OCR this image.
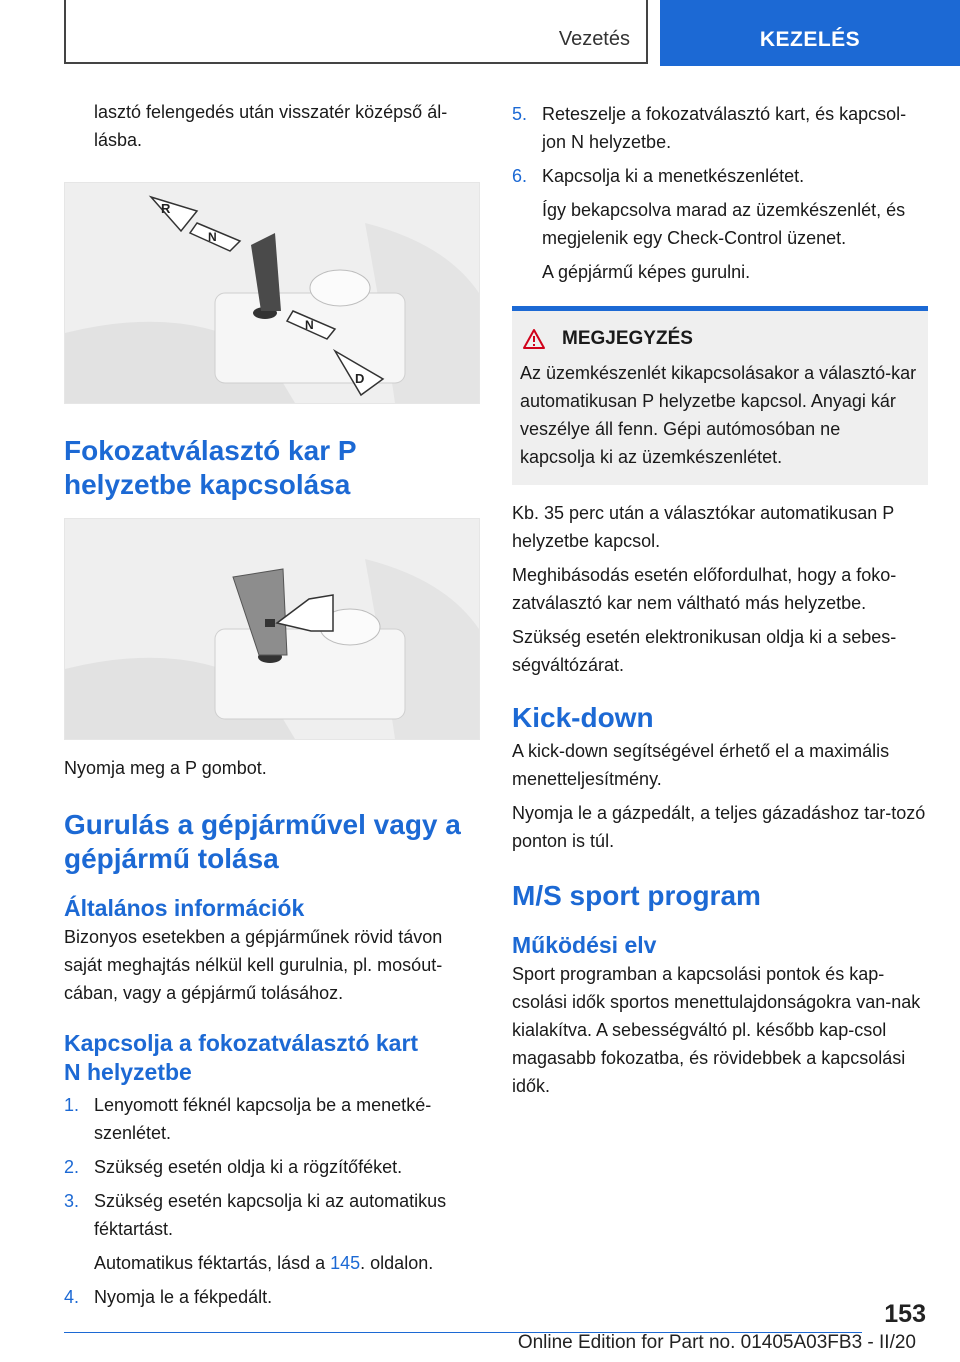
Vezetés	KEZELÉS

lasztó felengedés után visszatér középső ál-lásba.

R
N
N
D
Fokozatválasztó kar P helyzetbe kapcsolása

Nyomja meg a P gombot.

Gurulás a gépjárművel vagy a gépjármű tolása
Általános információk

Bizonyos esetekben a gépjárműnek rövid távon saját meghajtás nélkül kell gurulnia, pl. mosóut-cában, vagy a gépjármű tolásához.

Kapcsolja a fokozatválasztó kart
N helyzetbe
1. Lenyomott féknél kapcsolja be a menetké-szenlétet.
2. Szükség esetén oldja ki a rögzítőféket.
3. Szükség esetén kapcsolja ki az automatikus féktartást.
Automatikus féktartás, lásd a 145. oldalon.
4. Nyomja le a fékpedált.
5. Reteszelje a fokozatválasztó kart, és kapcsol-jon N helyzetbe.
6. Kapcsolja ki a menetkészenlétet.
Így bekapcsolva marad az üzemkészenlét, és megjelenik egy Check-Control üzenet.
A gépjármű képes gurulni.
MEGJEGYZÉS

Az üzemkészenlét kikapcsolásakor a választó-kar automatikusan P helyzetbe kapcsol. Anyagi kár veszélye áll fenn. Gépi autómosóban ne kapcsolja ki az üzemkészenlétet.

Kb. 35 perc után a választókar automatikusan P helyzetbe kapcsol.

Meghibásodás esetén előfordulhat, hogy a foko-zatválasztó kar nem váltható más helyzetbe.

Szükség esetén elektronikusan oldja ki a sebes-ségváltózárat.

Kick-down

A kick-down segítségével érhető el a maximális menetteljesítmény.

Nyomja le a gázpedált, a teljes gázadáshoz tar-tozó ponton is túl.

M/S sport program
Működési elv

Sport programban a kapcsolási pontok és kap-csolási idők sportos menettulajdonságokra van-nak kialakítva. A sebességváltó pl. később kap-csol magasabb fokozatba, és rövidebbek a kapcsolási idők.

153
Online Edition for Part no. 01405A03FB3 - II/20
